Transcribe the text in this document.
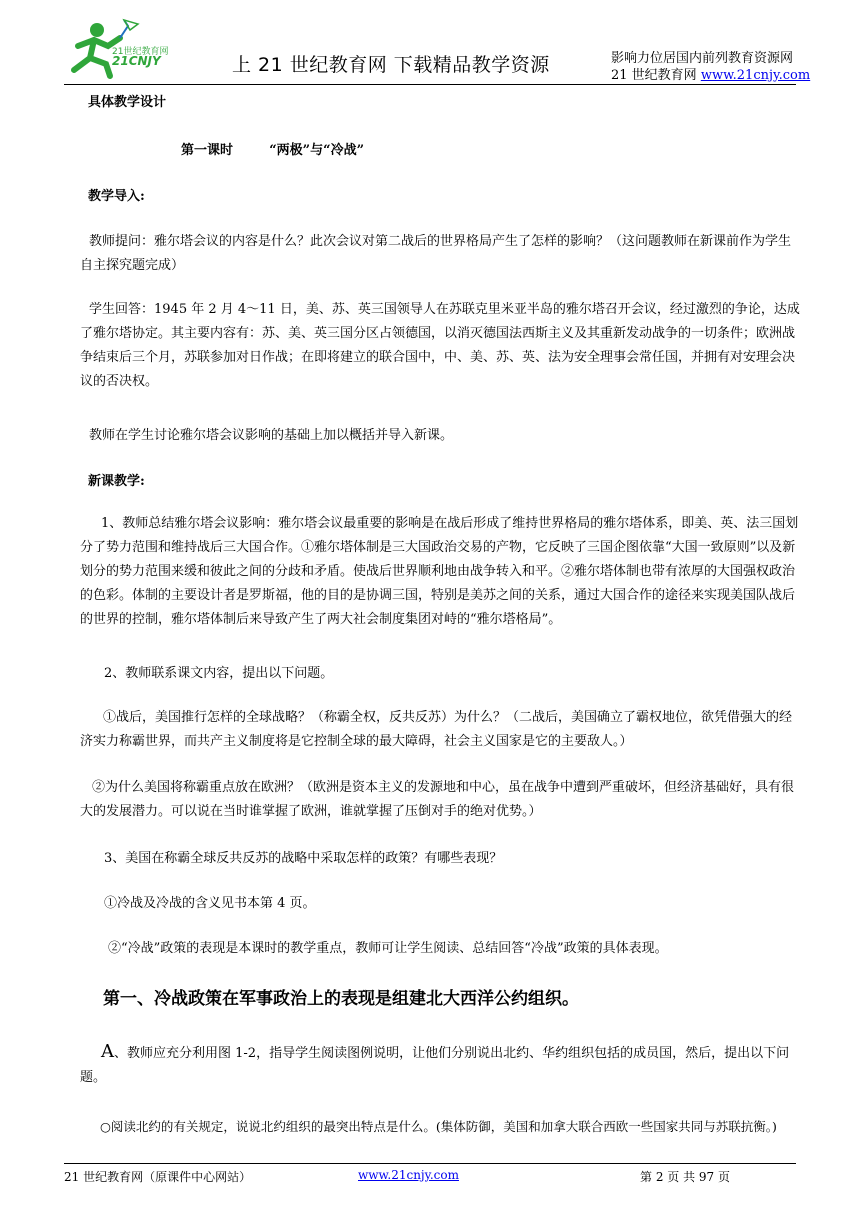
21世纪教育网
21CNJY	上 21 世纪教育网 下载精品教学资源	影响力位居国内前列教育资源网
21 世纪教育网 www.21cnjy.com
具体教学设计
第一课时        “两极”与“冷战”
教学导入:
教师提问：雅尔塔会议的内容是什么？此次会议对第二战后的世界格局产生了怎样的影响？（这问题教师在新课前作为学生自主探究题完成）
学生回答：1945 年 2 月 4～11 日，美、苏、英三国领导人在苏联克里米亚半岛的雅尔塔召开会议，经过激烈的争论，达成了雅尔塔协定。其主要内容有：苏、美、英三国分区占领德国，以消灭德国法西斯主义及其重新发动战争的一切条件；欧洲战争结束后三个月，苏联参加对日作战；在即将建立的联合国中，中、美、苏、英、法为安全理事会常任国，并拥有对安理会决议的否决权。
教师在学生讨论雅尔塔会议影响的基础上加以概括并导入新课。
新课教学:
1、教师总结雅尔塔会议影响：雅尔塔会议最重要的影响是在战后形成了维持世界格局的雅尔塔体系，即美、英、法三国划分了势力范围和维持战后三大国合作。①雅尔塔体制是三大国政治交易的产物，它反映了三国企图依靠“大国一致原则”以及新划分的势力范围来缓和彼此之间的分歧和矛盾。使战后世界顺利地由战争转入和平。②雅尔塔体制也带有浓厚的大国强权政治的色彩。体制的主要设计者是罗斯福，他的目的是协调三国，特别是美苏之间的关系，通过大国合作的途径来实现美国队战后的世界的控制，雅尔塔体制后来导致产生了两大社会制度集团对峙的“雅尔塔格局”。
2、教师联系课文内容，提出以下问题。
①战后，美国推行怎样的全球战略？（称霸全权，反共反苏）为什么？（二战后，美国确立了霸权地位，欲凭借强大的经济实力称霸世界，而共产主义制度将是它控制全球的最大障碍，社会主义国家是它的主要敌人。）
②为什么美国将称霸重点放在欧洲？（欧洲是资本主义的发源地和中心，虽在战争中遭到严重破坏，但经济基础好，具有很大的发展潜力。可以说在当时谁掌握了欧洲，谁就掌握了压倒对手的绝对优势。）
3、美国在称霸全球反共反苏的战略中采取怎样的政策？有哪些表现？
①冷战及冷战的含义见书本第 4 页。
②“冷战”政策的表现是本课时的教学重点，教师可让学生阅读、总结回答“冷战”政策的具体表现。
第一、冷战政策在军事政治上的表现是组建北大西洋公约组织。
A、教师应充分利用图 1-2，指导学生阅读图例说明，让他们分别说出北约、华约组织包括的成员国，然后，提出以下问题。
○阅读北约的有关规定，说说北约组织的最突出特点是什么。(集体防御，美国和加拿大联合西欧一些国家共同与苏联抗衡。)
21 世纪教育网（原课件中心网站）	www.21cnjy.com	第 2 页 共 97 页
